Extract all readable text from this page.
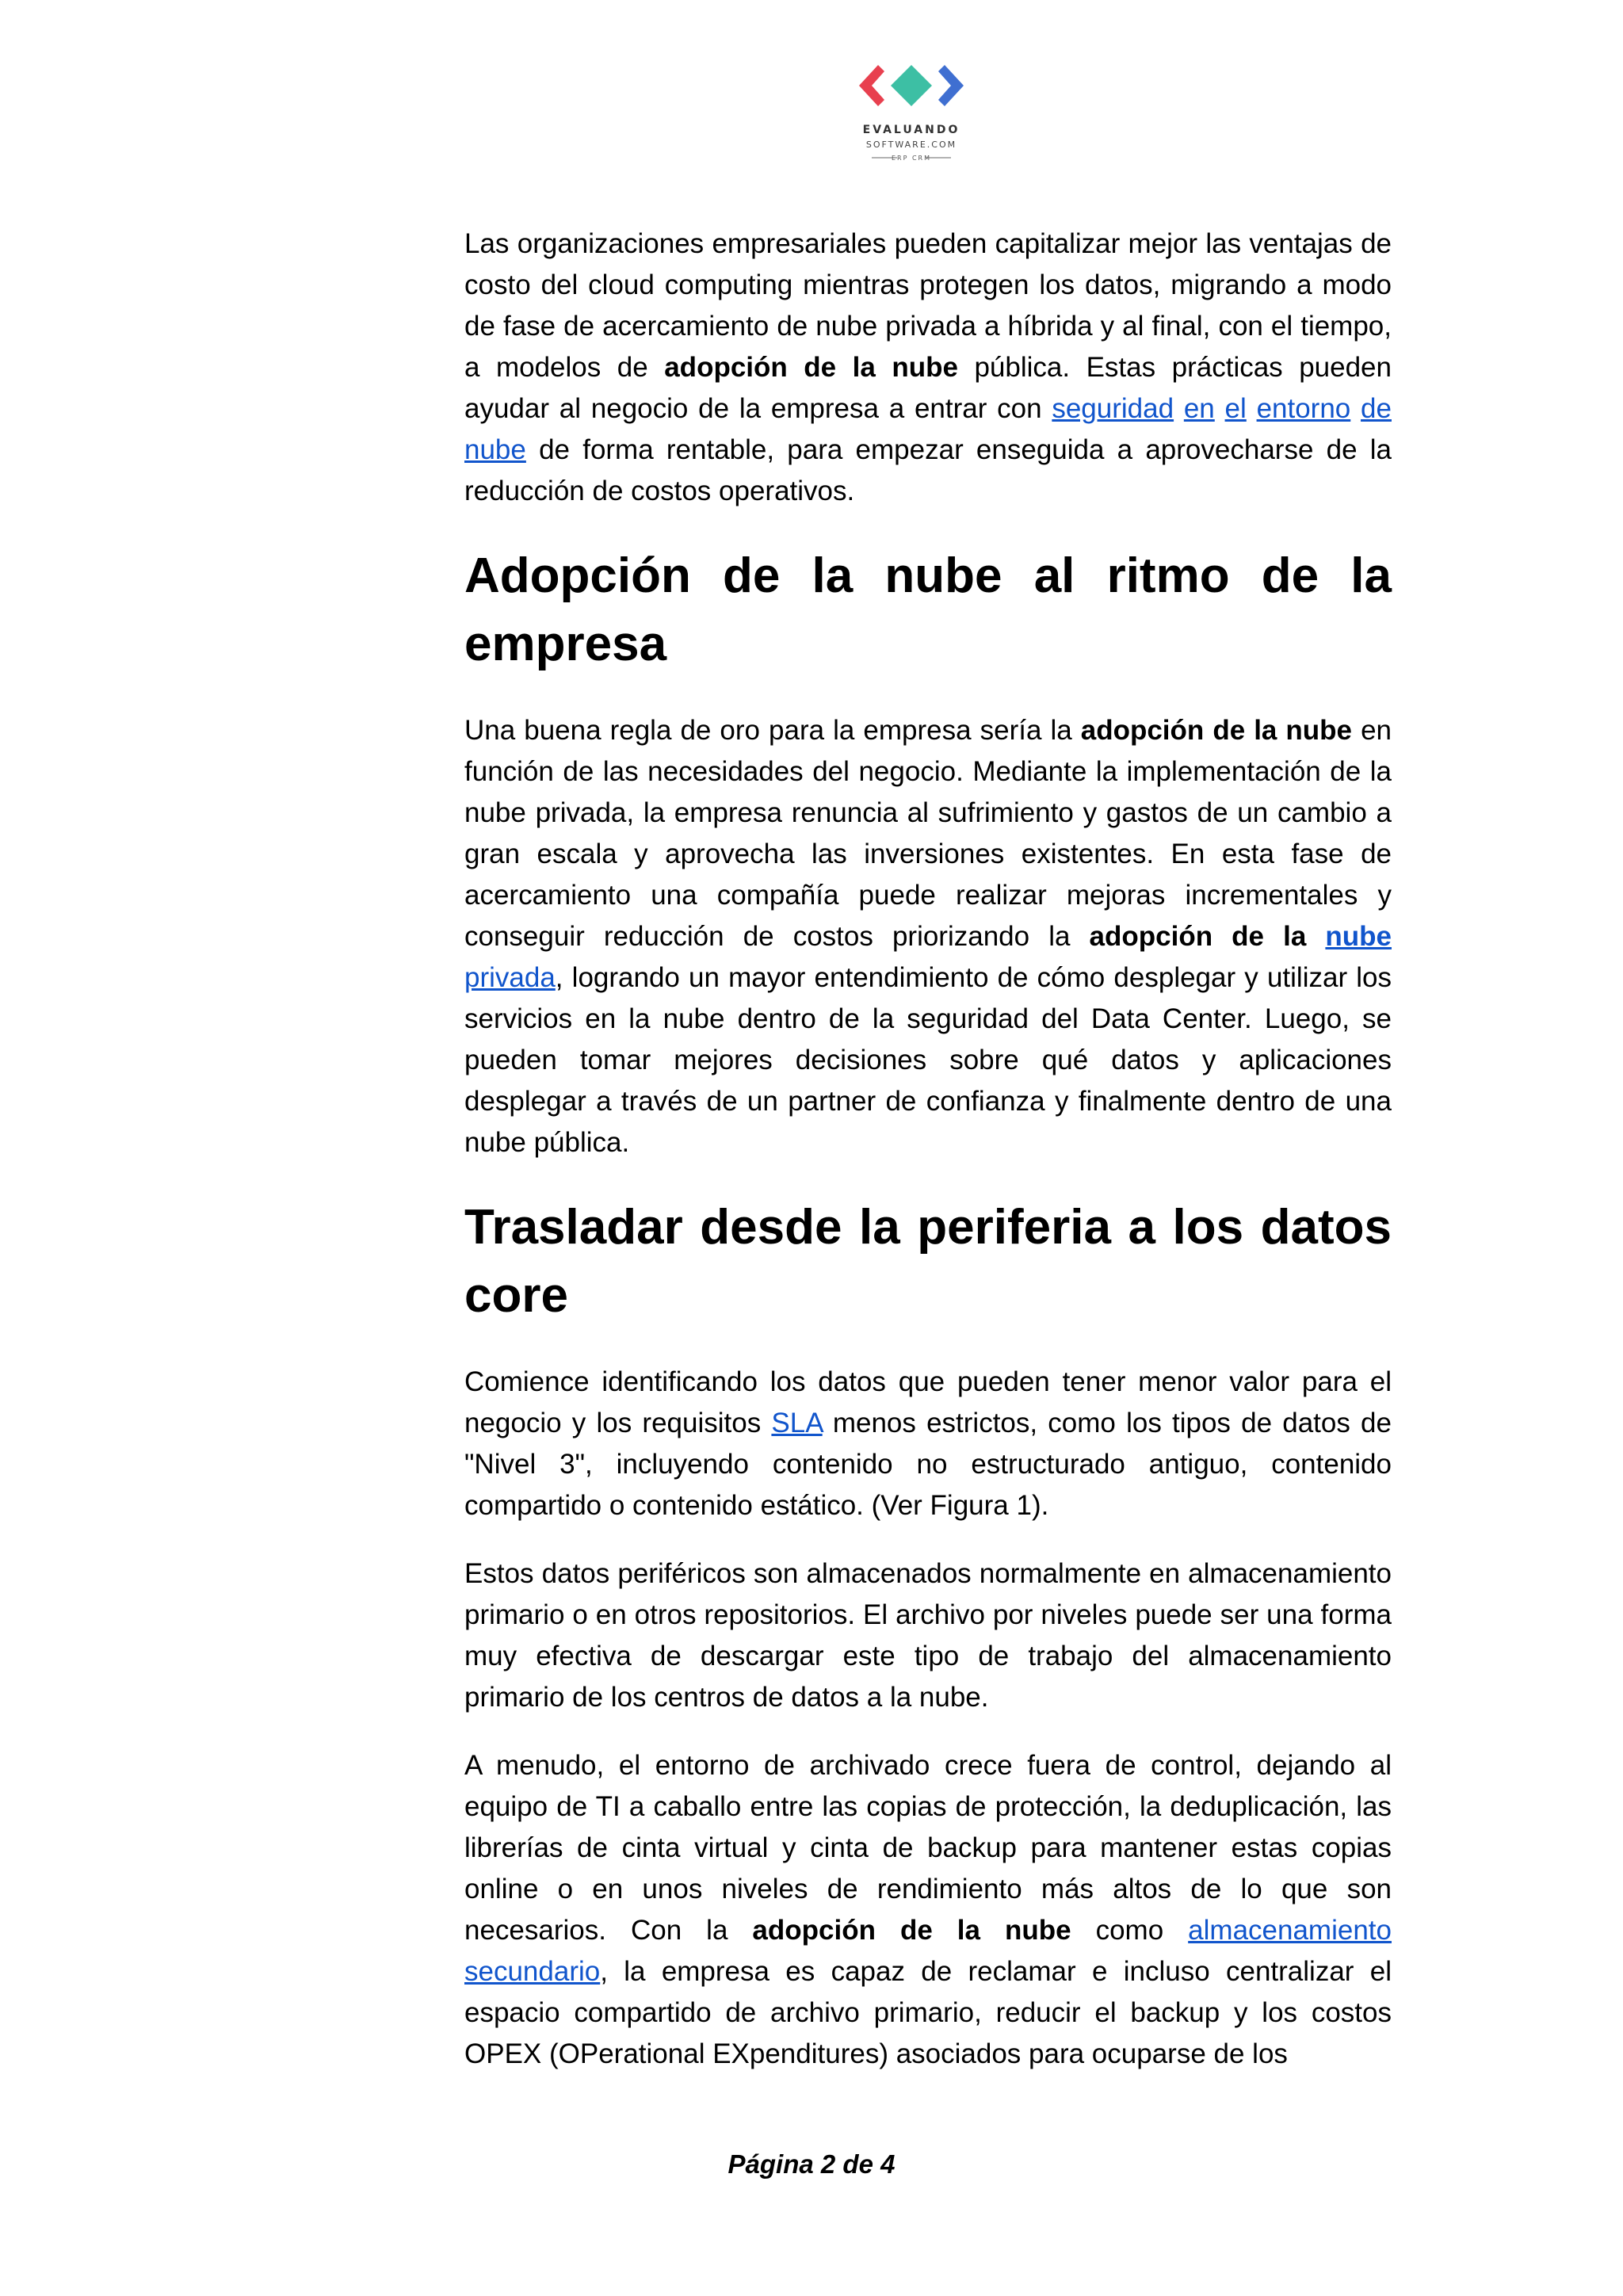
EVALUANDO
SOFTWARE.COM
ERP CRM

Las organizaciones empresariales pueden capitalizar mejor las ventajas de costo del cloud computing mientras protegen los datos, migrando a modo de fase de acercamiento de nube privada a híbrida y al final, con el tiempo, a modelos de adopción de la nube pública. Estas prácticas pueden ayudar al negocio de la empresa a entrar con seguridad en el entorno de nube de forma rentable, para empezar enseguida a aprovecharse de la reducción de costos operativos.

Adopción de la nube al ritmo de la empresa

Una buena regla de oro para la empresa sería la adopción de la nube en función de las necesidades del negocio. Mediante la implementación de la nube privada, la empresa renuncia al sufrimiento y gastos de un cambio a gran escala y aprovecha las inversiones existentes. En esta fase de acercamiento una compañía puede realizar mejoras incrementales y conseguir reducción de costos priorizando la adopción de la nube privada, logrando un mayor entendimiento de cómo desplegar y utilizar los servicios en la nube dentro de la seguridad del Data Center. Luego, se pueden tomar mejores decisiones sobre qué datos y aplicaciones desplegar a través de un partner de confianza y finalmente dentro de una nube pública.

Trasladar desde la periferia a los datos core

Comience identificando los datos que pueden tener menor valor para el negocio y los requisitos SLA menos estrictos, como los tipos de datos de "Nivel 3", incluyendo contenido no estructurado antiguo, contenido compartido o contenido estático. (Ver Figura 1).

Estos datos periféricos son almacenados normalmente en almacenamiento primario o en otros repositorios. El archivo por niveles puede ser una forma muy efectiva de descargar este tipo de trabajo del almacenamiento primario de los centros de datos a la nube.

A menudo, el entorno de archivado crece fuera de control, dejando al equipo de TI a caballo entre las copias de protección, la deduplicación, las librerías de cinta virtual y cinta de backup para mantener estas copias online o en unos niveles de rendimiento más altos de lo que son necesarios. Con la adopción de la nube como almacenamiento secundario, la empresa es capaz de reclamar e incluso centralizar el espacio compartido de archivo primario, reducir el backup y los costos OPEX (OPerational EXpenditures) asociados para ocuparse de los

Página 2 de 4
